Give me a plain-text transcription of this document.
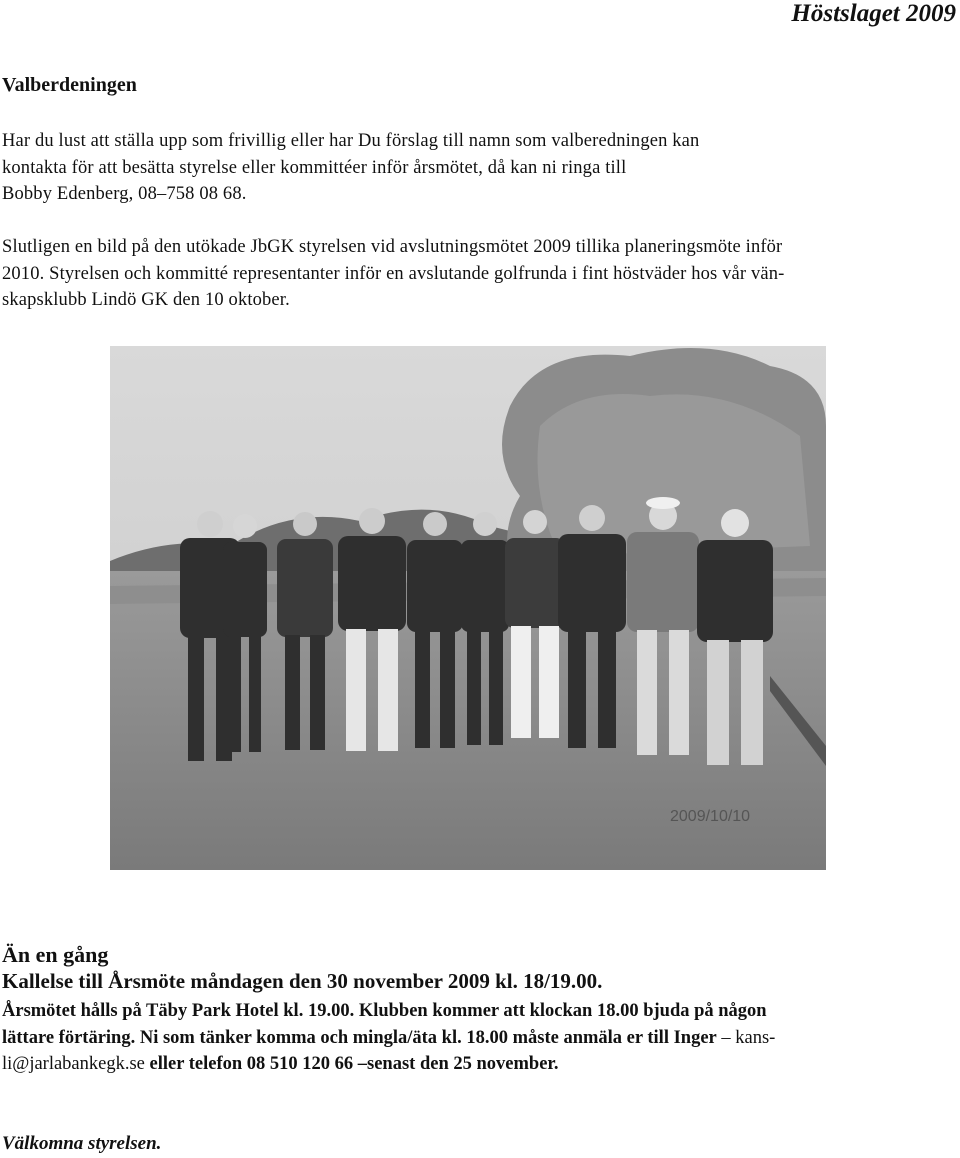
Höstslaget 2009
Valberdeningen
Har du lust att ställa upp som frivillig eller har Du förslag till namn som valberedningen kan
kontakta för att besätta styrelse eller kommittéer inför årsmötet, då kan ni ringa till
Bobby Edenberg, 08–758 08 68.
Slutligen en bild på den utökade JbGK styrelsen vid avslutningsmötet 2009 tillika planeringsmöte inför
2010. Styrelsen och kommitté representanter inför en avslutande golfrunda i fint höstväder hos vår vän-
skapsklubb Lindö GK den 10 oktober.
2009/10/10
Än en gång
Kallelse till Årsmöte måndagen den 30 november 2009 kl. 18/19.00.
Årsmötet hålls på Täby Park Hotel kl. 19.00. Klubben kommer att klockan 18.00 bjuda på någon
lättare förtäring. Ni som tänker komma och mingla/äta kl. 18.00 måste anmäla er till Inger – kans-
li@jarlabankegk.se eller telefon 08 510 120 66 –senast den 25 november.
Välkomna styrelsen.
